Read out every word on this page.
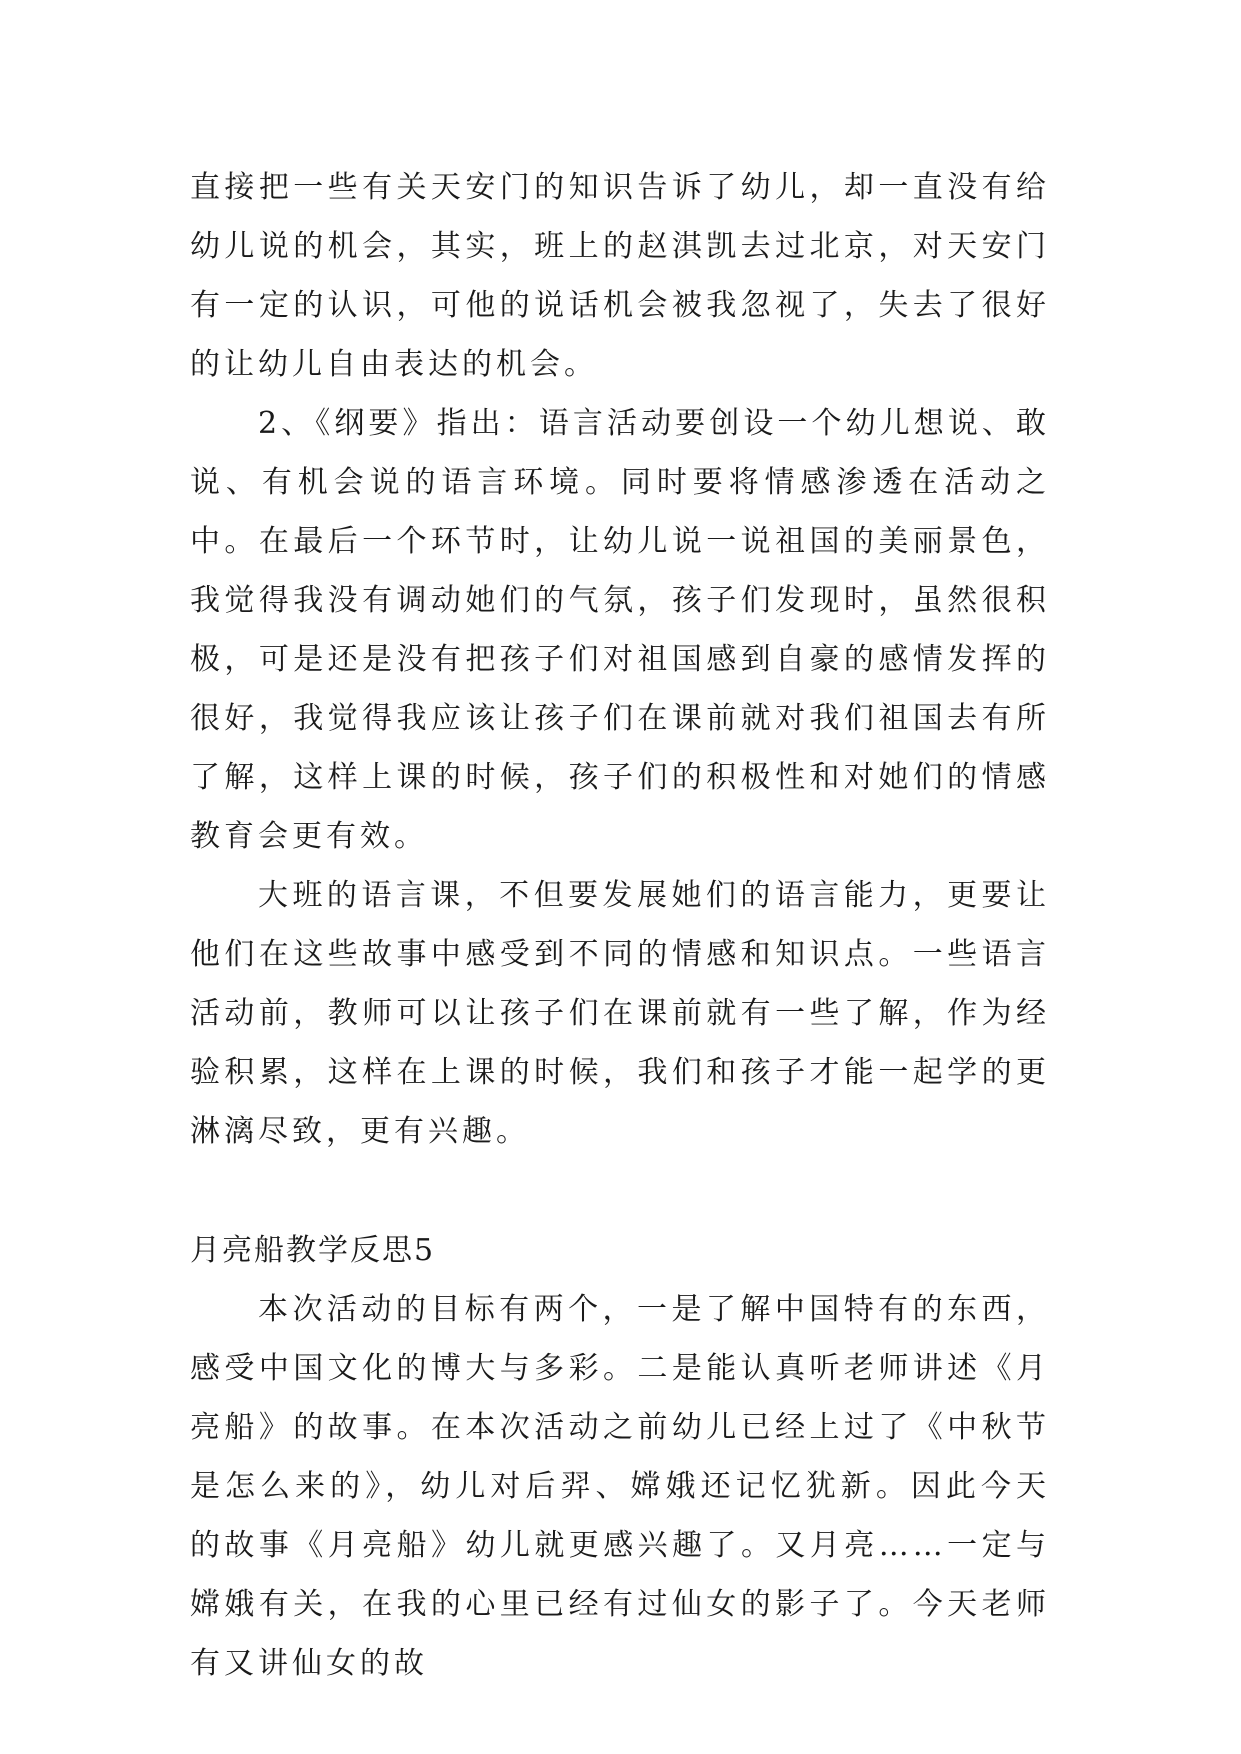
直接把一些有关天安门的知识告诉了幼儿，却一直没有给幼儿说的机会，其实，班上的赵淇凯去过北京，对天安门有一定的认识，可他的说话机会被我忽视了，失去了很好的让幼儿自由表达的机会。

2、《纲要》指出：语言活动要创设一个幼儿想说、敢说、有机会说的语言环境。同时要将情感渗透在活动之中。在最后一个环节时，让幼儿说一说祖国的美丽景色，我觉得我没有调动她们的气氛，孩子们发现时，虽然很积极，可是还是没有把孩子们对祖国感到自豪的感情发挥的很好，我觉得我应该让孩子们在课前就对我们祖国去有所了解，这样上课的时候，孩子们的积极性和对她们的情感教育会更有效。

大班的语言课，不但要发展她们的语言能力，更要让他们在这些故事中感受到不同的情感和知识点。一些语言活动前，教师可以让孩子们在课前就有一些了解，作为经验积累，这样在上课的时候，我们和孩子才能一起学的更淋漓尽致，更有兴趣。

月亮船教学反思5

本次活动的目标有两个，一是了解中国特有的东西，感受中国文化的博大与多彩。二是能认真听老师讲述《月亮船》的故事。在本次活动之前幼儿已经上过了《中秋节是怎么来的》，幼儿对后羿、嫦娥还记忆犹新。因此今天的故事《月亮船》幼儿就更感兴趣了。又月亮……一定与嫦娥有关，在我的心里已经有过仙女的影子了。今天老师有又讲仙女的故
